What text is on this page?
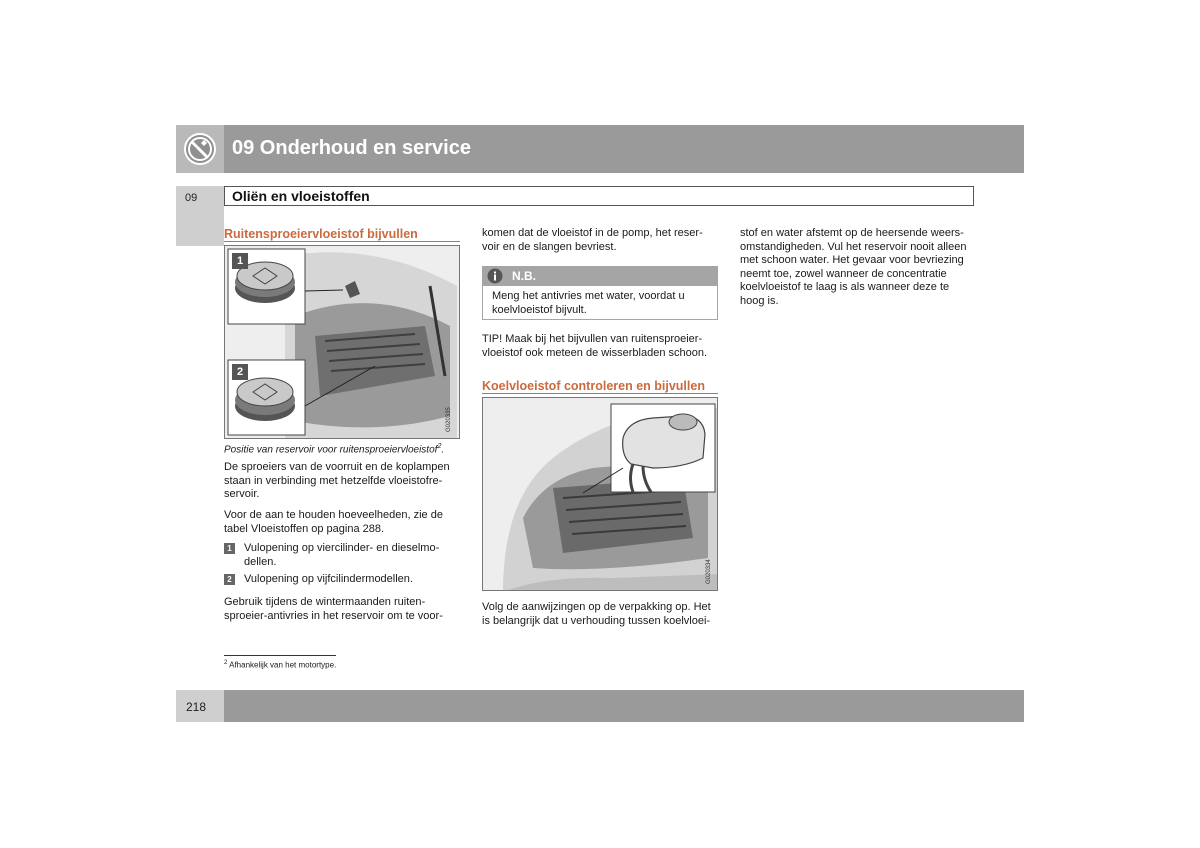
09 Onderhoud en service
09 Oliën en vloeistoffen
Ruitensproeiervloeistof bijvullen
1
2
G020335
Positie van reservoir voor ruitensproeiervloeistof$^2$.
De sproeiers van de voorruit en de koplampen
staan in verbinding met hetzelfde vloeistofre-
servoir.
Voor de aan te houden hoeveelheden, zie de
tabel Vloeistoffen op pagina 288.
1 Vulopening op viercilinder- en dieselmo-
dellen.
2 Vulopening op vijfcilindermodellen.
Gebruik tijdens de wintermaanden ruiten-
sproeier-antivries in het reservoir om te voor-
komen dat de vloeistof in de pomp, het reser-
voir en de slangen bevriest.
N.B.
Meng het antivries met water, voordat u
koelvloeistof bijvult.
TIP! Maak bij het bijvullen van ruitensproeier-
vloeistof ook meteen de wisserbladen schoon.
Koelvloeistof controleren en bijvullen
G020334
Volg de aanwijzingen op de verpakking op. Het
is belangrijk dat u verhouding tussen koelvloei-
stof en water afstemt op de heersende weers-
omstandigheden. Vul het reservoir nooit alleen
met schoon water. Het gevaar voor bevriezing
neemt toe, zowel wanneer de concentratie
koelvloeistof te laag is als wanneer deze te
hoog is.
$^2$ Afhankelijk van het motortype.
218
